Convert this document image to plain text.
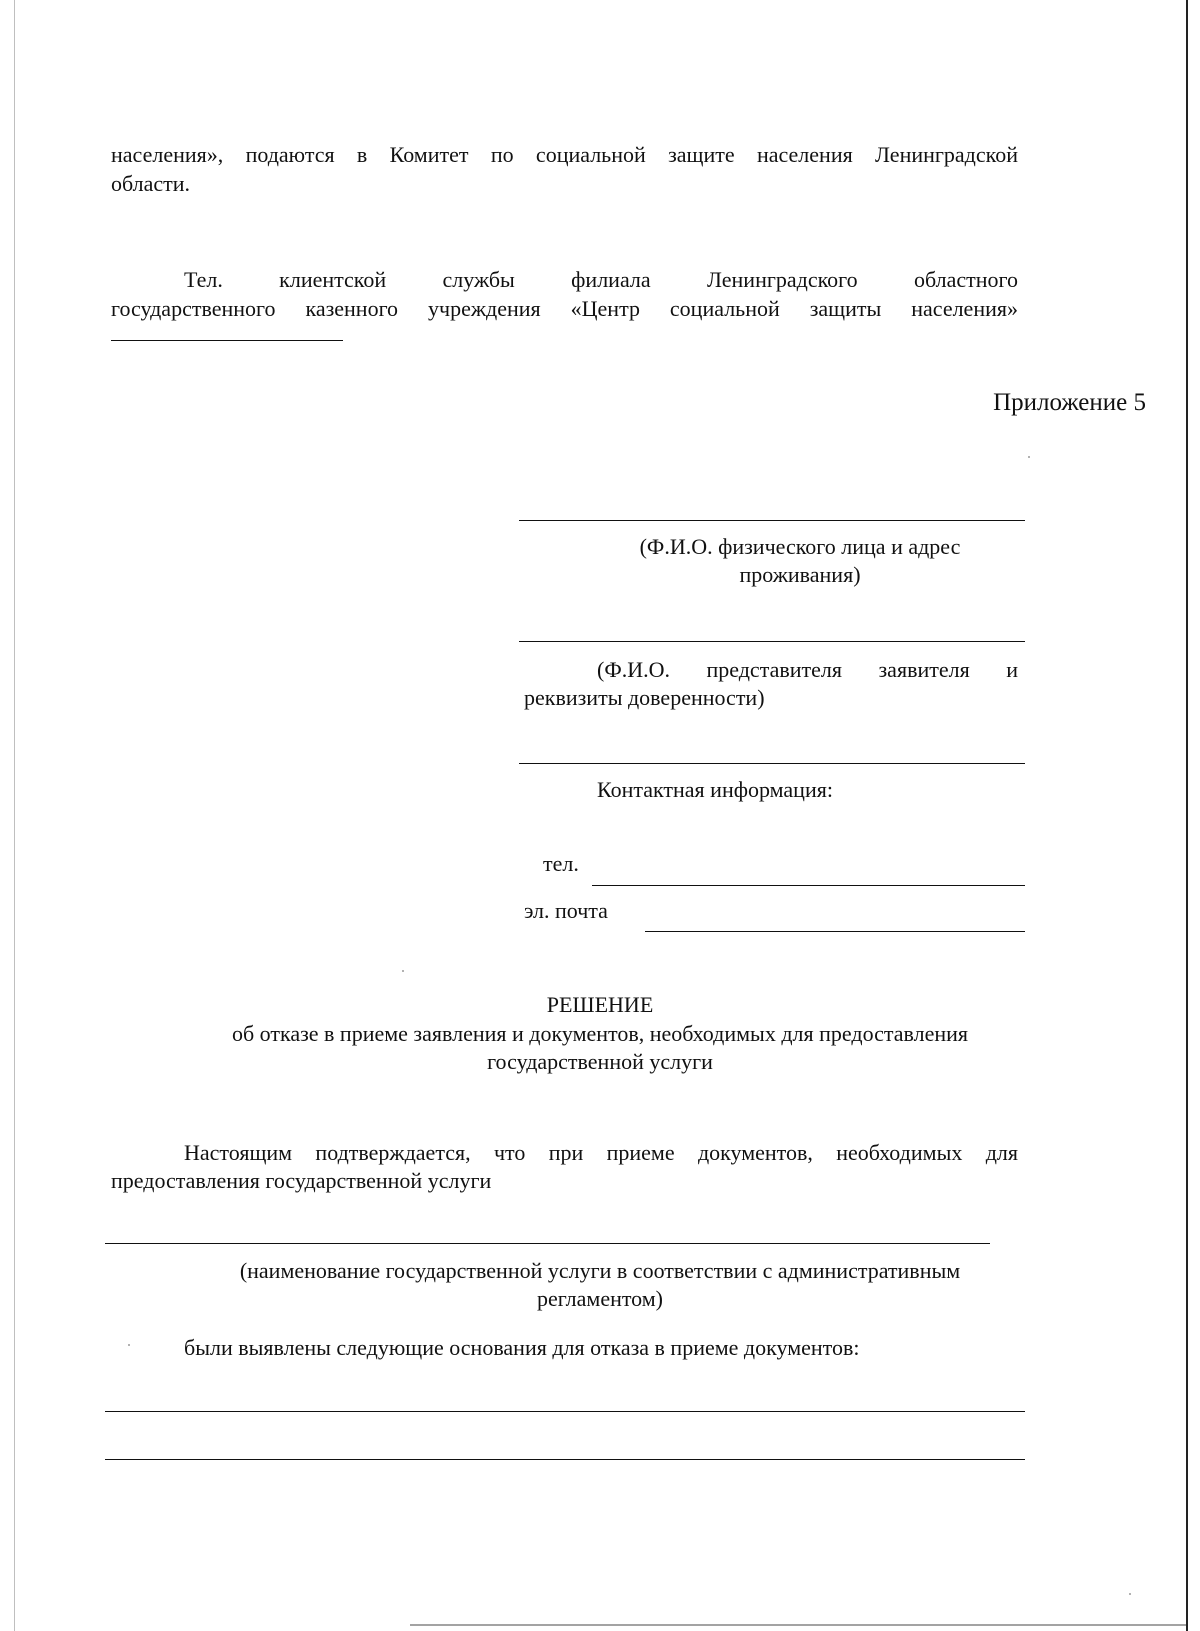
населения», подаются в Комитет по социальной защите населения Ленинградской

области.

Тел. клиентской службы филиала Ленинградского областного

государственного казенного учреждения «Центр социальной защиты населения»

Приложение 5

(Ф.И.О. физического лица и адрес

проживания)

(Ф.И.О. представителя заявителя и

реквизиты доверенности)

Контактная информация:

тел.

эл. почта

РЕШЕНИЕ

об отказе в приеме заявления и документов, необходимых для предоставления

государственной услуги

Настоящим подтверждается, что при приеме документов, необходимых для

предоставления государственной услуги

(наименование государственной услуги в соответствии с административным

регламентом)

были выявлены следующие основания для отказа в приеме документов:
